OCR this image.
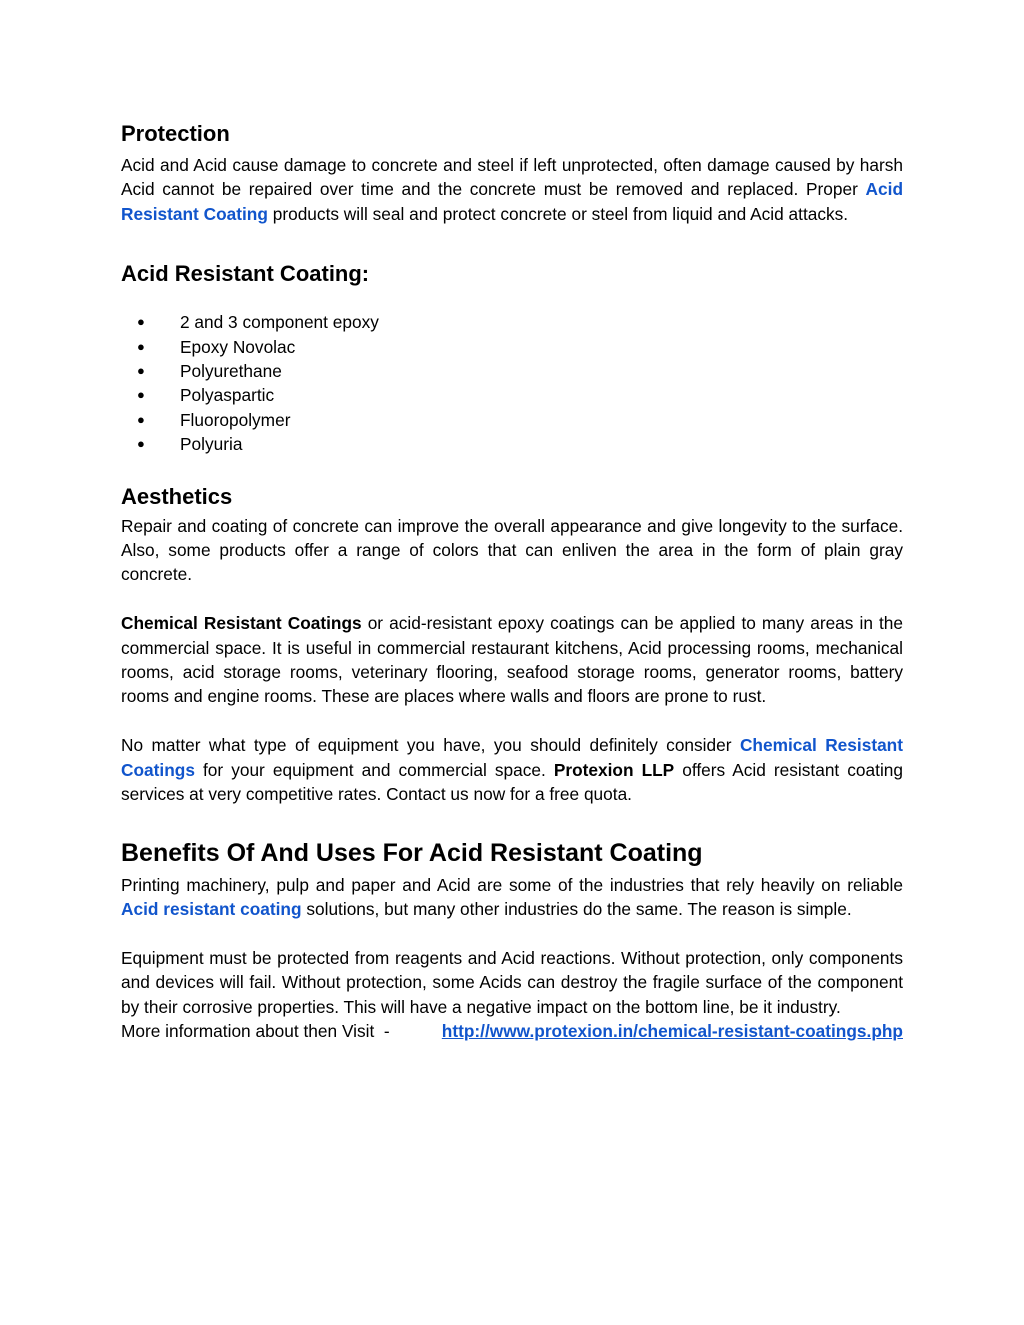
Protection

Acid and Acid cause damage to concrete and steel if left unprotected, often damage caused by harsh Acid cannot be repaired over time and the concrete must be removed and replaced. Proper Acid Resistant Coating products will seal and protect concrete or steel from liquid and Acid attacks.

Acid Resistant Coating:
● 2 and 3 component epoxy
● Epoxy Novolac
● Polyurethane
● Polyaspartic
● Fluoropolymer
● Polyuria
Aesthetics

Repair and coating of concrete can improve the overall appearance and give longevity to the surface. Also, some products offer a range of colors that can enliven the area in the form of plain gray concrete.

Chemical Resistant Coatings or acid-resistant epoxy coatings can be applied to many areas in the commercial space. It is useful in commercial restaurant kitchens, Acid processing rooms, mechanical rooms, acid storage rooms, veterinary flooring, seafood storage rooms, generator rooms, battery rooms and engine rooms. These are places where walls and floors are prone to rust.

No matter what type of equipment you have, you should definitely consider Chemical Resistant Coatings for your equipment and commercial space. Protexion LLP offers Acid resistant coating services at very competitive rates. Contact us now for a free quota.

Benefits Of And Uses For Acid Resistant Coating

Printing machinery, pulp and paper and Acid are some of the industries that rely heavily on reliable Acid resistant coating solutions, but many other industries do the same. The reason is simple.

Equipment must be protected from reagents and Acid reactions. Without protection, only components and devices will fail. Without protection, some Acids can destroy the fragile surface of the component by their corrosive properties. This will have a negative impact on the bottom line, be it industry.

More information about then Visit  - http://www.protexion.in/chemical-resistant-coatings.php
